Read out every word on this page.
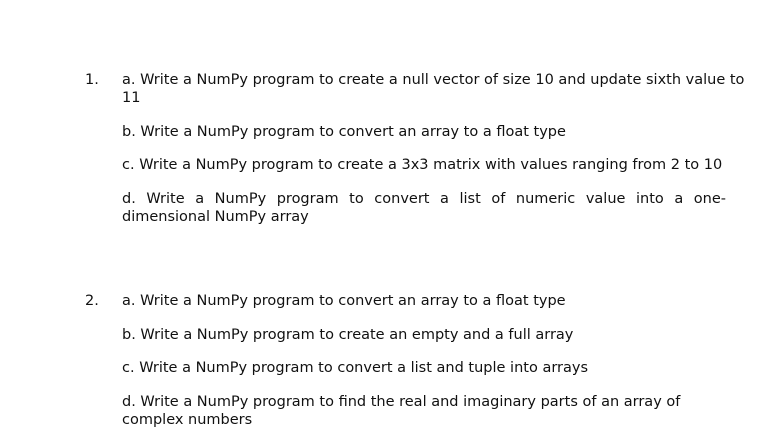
1. a. Write a NumPy program to create a null vector of size 10 and update sixth value to 11
b. Write a NumPy program to convert an array to a float type
c. Write a NumPy program to create a 3x3 matrix with values ranging from 2 to 10
d. Write a NumPy program to convert a list of numeric value into a one-dimensional NumPy array
2. a. Write a NumPy program to convert an array to a float type
b. Write a NumPy program to create an empty and a full array
c. Write a NumPy program to convert a list and tuple into arrays
d. Write a NumPy program to find the real and imaginary parts of an array of complex numbers
